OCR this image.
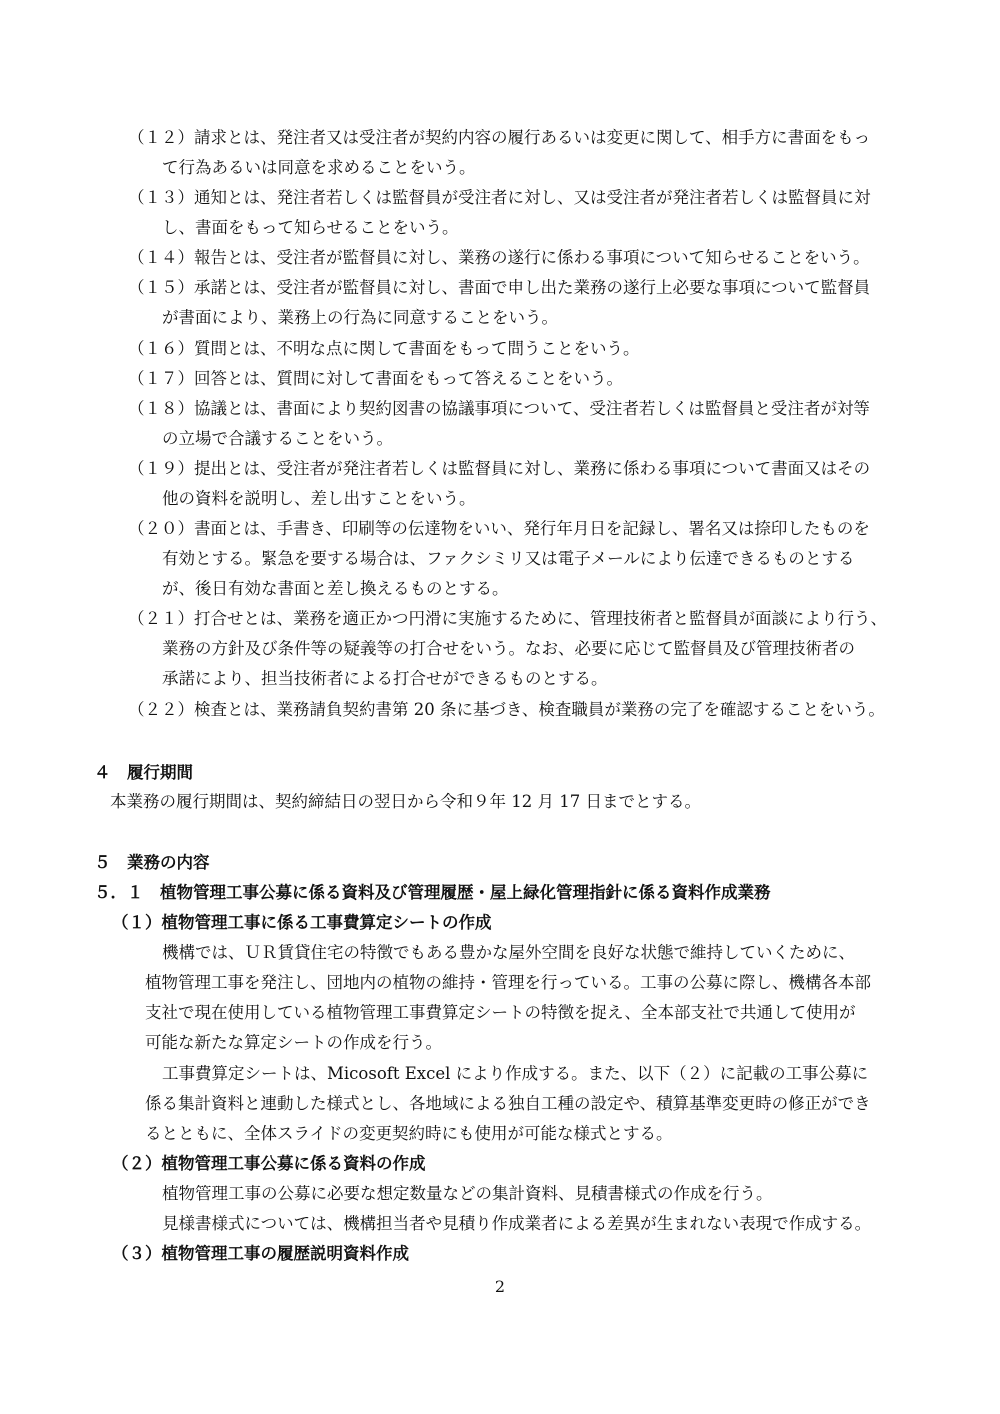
（１２）請求とは、発注者又は受注者が契約内容の履行あるいは変更に関して、相手方に書面をもっ
て行為あるいは同意を求めることをいう。
（１３）通知とは、発注者若しくは監督員が受注者に対し、又は受注者が発注者若しくは監督員に対
し、書面をもって知らせることをいう。
（１４）報告とは、受注者が監督員に対し、業務の遂行に係わる事項について知らせることをいう。
（１５）承諾とは、受注者が監督員に対し、書面で申し出た業務の遂行上必要な事項について監督員
が書面により、業務上の行為に同意することをいう。
（１６）質問とは、不明な点に関して書面をもって問うことをいう。
（１７）回答とは、質問に対して書面をもって答えることをいう。
（１８）協議とは、書面により契約図書の協議事項について、受注者若しくは監督員と受注者が対等
の立場で合議することをいう。
（１９）提出とは、受注者が発注者若しくは監督員に対し、業務に係わる事項について書面又はその
他の資料を説明し、差し出すことをいう。
（２０）書面とは、手書き、印刷等の伝達物をいい、発行年月日を記録し、署名又は捺印したものを
有効とする。緊急を要する場合は、ファクシミリ又は電子メールにより伝達できるものとする
が、後日有効な書面と差し換えるものとする。
（２１）打合せとは、業務を適正かつ円滑に実施するために、管理技術者と監督員が面談により行う、
業務の方針及び条件等の疑義等の打合せをいう。なお、必要に応じて監督員及び管理技術者の
承諾により、担当技術者による打合せができるものとする。
（２２）検査とは、業務請負契約書第 20 条に基づき、検査職員が業務の完了を確認することをいう。
４　履行期間
本業務の履行期間は、契約締結日の翌日から令和９年 12 月 17 日までとする。
５　業務の内容
５．１　植物管理工事公募に係る資料及び管理履歴・屋上緑化管理指針に係る資料作成業務
（１）植物管理工事に係る工事費算定シートの作成
機構では、ＵＲ賃貸住宅の特徴でもある豊かな屋外空間を良好な状態で維持していくために、
植物管理工事を発注し、団地内の植物の維持・管理を行っている。工事の公募に際し、機構各本部
支社で現在使用している植物管理工事費算定シートの特徴を捉え、全本部支社で共通して使用が
可能な新たな算定シートの作成を行う。
工事費算定シートは、Micosoft Excel により作成する。また、以下（２）に記載の工事公募に
係る集計資料と連動した様式とし、各地域による独自工種の設定や、積算基準変更時の修正ができ
るとともに、全体スライドの変更契約時にも使用が可能な様式とする。
（２）植物管理工事公募に係る資料の作成
植物管理工事の公募に必要な想定数量などの集計資料、見積書様式の作成を行う。
見様書様式については、機構担当者や見積り作成業者による差異が生まれない表現で作成する。
（３）植物管理工事の履歴説明資料作成
2
